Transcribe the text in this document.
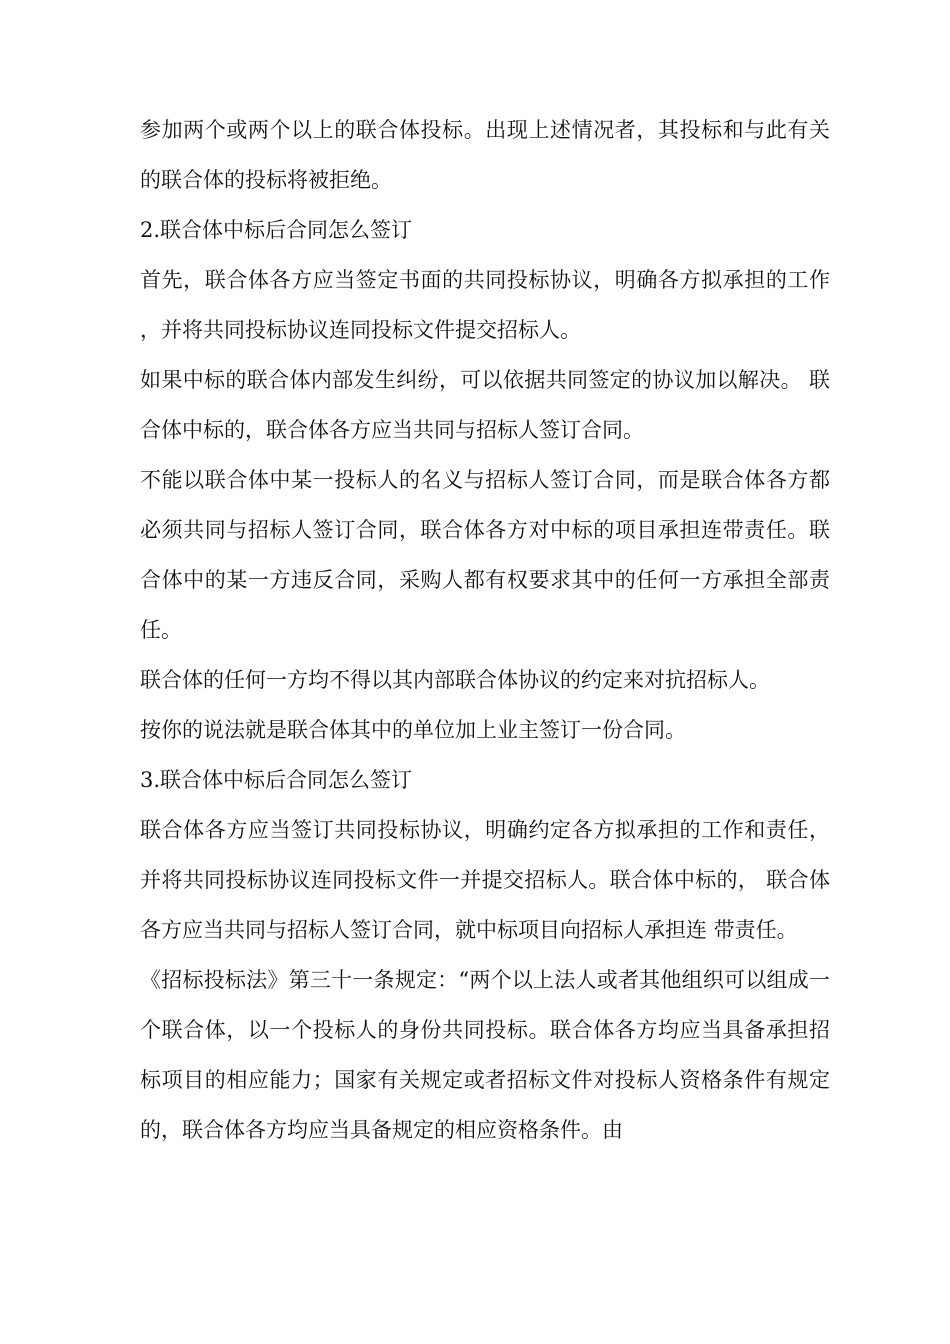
参加两个或两个以上的联合体投标。出现上述情况者，其投标和与此有关的联合体的投标将被拒绝。

2.联合体中标后合同怎么签订

首先，联合体各方应当签定书面的共同投标协议，明确各方拟承担的工作，并将共同投标协议连同投标文件提交招标人。

如果中标的联合体内部发生纠纷，可以依据共同签定的协议加以解决。 联合体中标的，联合体各方应当共同与招标人签订合同。

不能以联合体中某一投标人的名义与招标人签订合同，而是联合体各方都必须共同与招标人签订合同，联合体各方对中标的项目承担连带责任。联合体中的某一方违反合同，采购人都有权要求其中的任何一方承担全部责任。

联合体的任何一方均不得以其内部联合体协议的约定来对抗招标人。

按你的说法就是联合体其中的单位加上业主签订一份合同。

3.联合体中标后合同怎么签订

联合体各方应当签订共同投标协议，明确约定各方拟承担的工作和责任，并将共同投标协议连同投标文件一并提交招标人。联合体中标的， 联合体各方应当共同与招标人签订合同，就中标项目向招标人承担连 带责任。

《招标投标法》第三十一条规定：“两个以上法人或者其他组织可以组成一个联合体，以一个投标人的身份共同投标。联合体各方均应当具备承担招标项目的相应能力；国家有关规定或者招标文件对投标人资格条件有规定的，联合体各方均应当具备规定的相应资格条件。由
